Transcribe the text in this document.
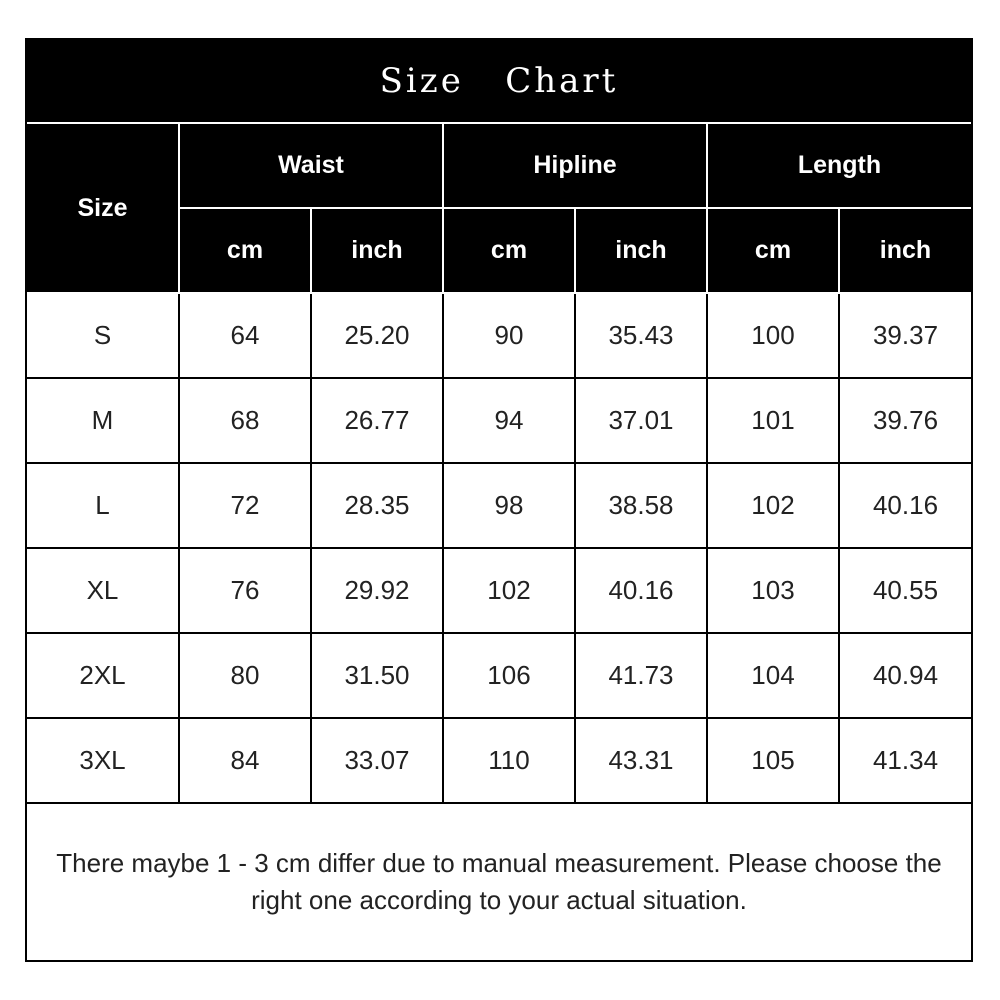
Size   Chart
Size	Waist		Hipline		Length	
	cm	inch	cm	inch	cm	inch
S	64	25.20	90	35.43	100	39.37
M	68	26.77	94	37.01	101	39.76
L	72	28.35	98	38.58	102	40.16
XL	76	29.92	102	40.16	103	40.55
2XL	80	31.50	106	41.73	104	40.94
3XL	84	33.07	110	43.31	105	41.34
There maybe 1 - 3 cm differ due to manual measurement. Please choose the right one according to your actual situation.
